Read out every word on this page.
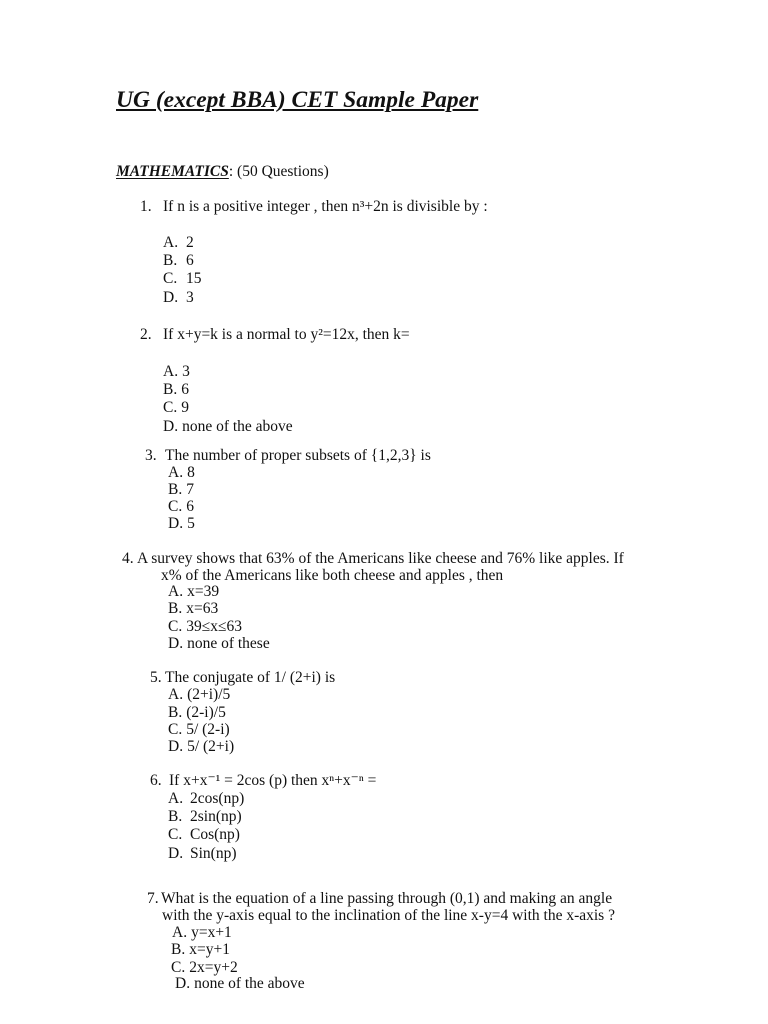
UG (except BBA) CET Sample Paper
MATHEMATICS: (50 Questions)
1. If n is a positive integer , then n³+2n is divisible by :
A. 2
B. 6
C. 15
D. 3
2. If x+y=k is a normal to y²=12x, then k=
A. 3
B. 6
C. 9
D. none of the above
3. The number of proper subsets of {1,2,3} is
A. 8
B. 7
C. 6
D. 5
4. A survey shows that 63% of the Americans like cheese and 76% like apples. If
x% of the Americans like both cheese and apples , then
A. x=39
B. x=63
C. 39≤x≤63
D. none of these
5. The conjugate of 1/ (2+i) is
A. (2+i)/5
B. (2-i)/5
C. 5/ (2-i)
D. 5/ (2+i)
6. If x+x⁻¹ = 2cos (p) then xⁿ+x⁻ⁿ =
A. 2cos(np)
B. 2sin(np)
C. Cos(np)
D. Sin(np)
7. What is the equation of a line passing through (0,1) and making an angle
with the y-axis equal to the inclination of the line x-y=4 with the x-axis ?
A. y=x+1
B. x=y+1
C. 2x=y+2
D. none of the above
